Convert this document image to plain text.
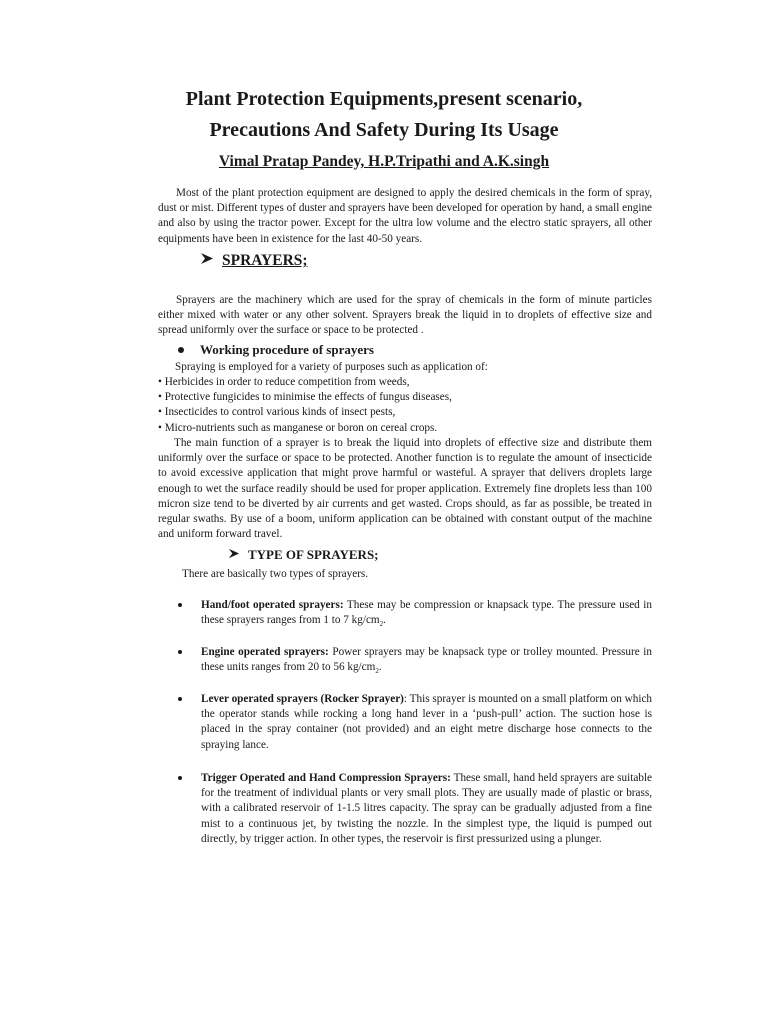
Plant Protection Equipments,present scenario,
Precautions And Safety During Its Usage
Vimal Pratap Pandey, H.P.Tripathi and A.K.singh

Most of the plant protection equipment are designed to apply the desired chemicals in the form of spray, dust or mist. Different types of duster and sprayers have been developed for operation by hand, a small engine and also by using the tractor power. Except for the ultra low volume and the electro static sprayers, all other equipments have been in existence for the last 40-50 years.

SPRAYERS;

Sprayers are the machinery which are used for the spray of chemicals in the form of minute particles either mixed with water or any other solvent. Sprayers break the liquid in to droplets of effective size and spread uniformly over the surface or space to be protected .

Working procedure of sprayers
Spraying is employed for a variety of purposes such as application of:
• Herbicides in order to reduce competition from weeds,
• Protective fungicides to minimise the effects of fungus diseases,
• Insecticides to control various kinds of insect pests,
• Micro-nutrients such as manganese or boron on cereal crops.

The main function of a sprayer is to break the liquid into droplets of effective size and distribute them uniformly over the surface or space to be protected. Another function is to regulate the amount of insecticide to avoid excessive application that might prove harmful or wasteful. A sprayer that delivers droplets large enough to wet the surface readily should be used for proper application. Extremely fine droplets less than 100 micron size tend to be diverted by air currents and get wasted. Crops should, as far as possible, be treated in regular swaths. By use of a boom, uniform application can be obtained with constant output of the machine and uniform forward travel.

TYPE OF SPRAYERS;
There are basically two types of sprayers.
Hand/foot operated sprayers: These may be compression or knapsack type. The pressure used in these sprayers ranges from 1 to 7 $kg/cm_2$.
Engine operated sprayers: Power sprayers may be knapsack type or trolley mounted. Pressure in these units ranges from 20 to 56 $kg/cm_2$.
Lever operated sprayers (Rocker Sprayer): This sprayer is mounted on a small platform on which the operator stands while rocking a long hand lever in a ‘push-pull’ action. The suction hose is placed in the spray container (not provided) and an eight metre discharge hose connects to the spraying lance.
Trigger Operated and Hand Compression Sprayers: These small, hand held sprayers are suitable for the treatment of individual plants or very small plots. They are usually made of plastic or brass, with a calibrated reservoir of 1-1.5 litres capacity. The spray can be gradually adjusted from a fine mist to a continuous jet, by twisting the nozzle. In the simplest type, the liquid is pumped out directly, by trigger action. In other types, the reservoir is first pressurized using a plunger.
